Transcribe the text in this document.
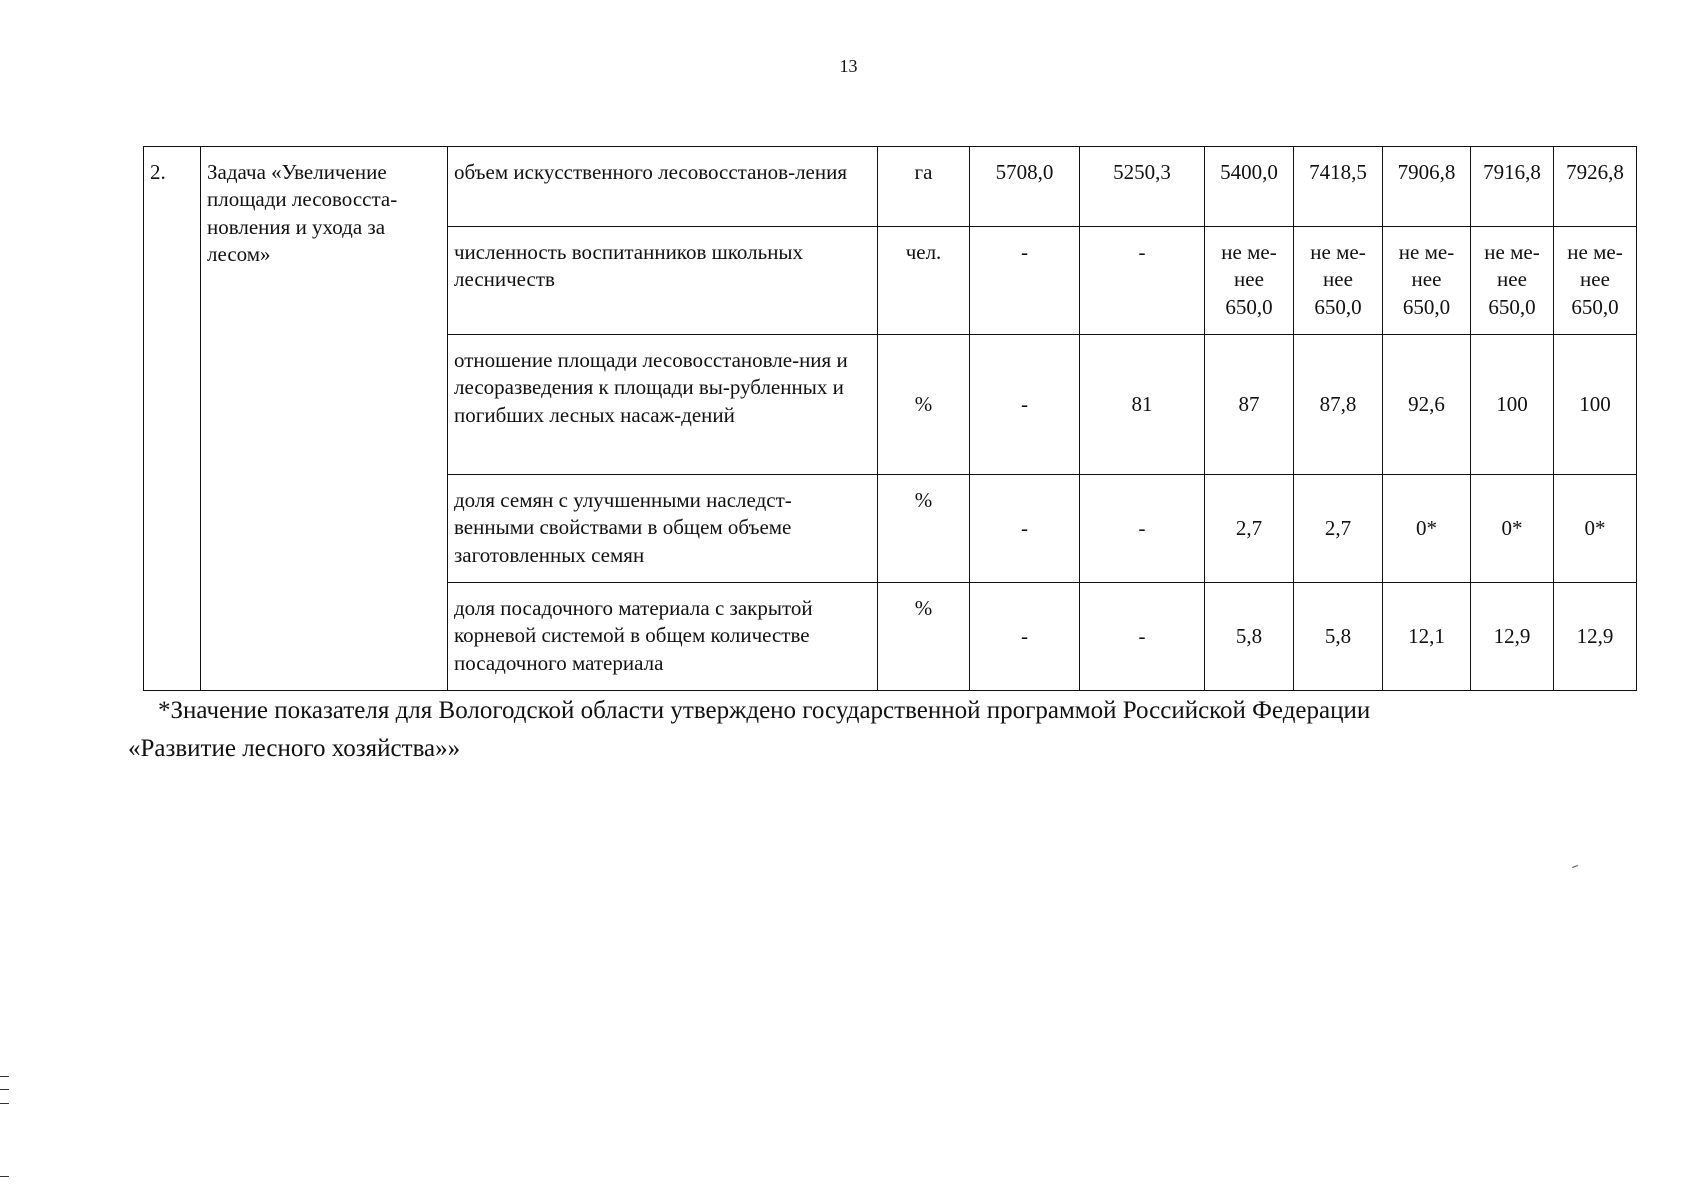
13
2.	Задача «Увеличение площади лесовосста-новления и ухода за лесом»	объем искусственного лесовосстанов-ления	га	5708,0	5250,3	5400,0	7418,5	7906,8	7916,8	7926,8
		численность воспитанников школьных лесничеств	чел.	-	-	не ме-нее 650,0	не ме-нее 650,0	не ме-нее 650,0	не ме-нее 650,0	не ме-нее 650,0
		отношение площади лесовосстановле-ния и лесоразведения к площади вы-рубленных и погибших лесных насаж-дений	%	-	81	87	87,8	92,6	100	100
		доля семян с улучшенными наследст-венными свойствами в общем объеме заготовленных семян	%	-	-	2,7	2,7	0*	0*	0*
		доля посадочного материала с закрытой корневой системой в общем количестве посадочного материала	%	-	-	5,8	5,8	12,1	12,9	12,9
*Значение показателя для Вологодской области утверждено государственной программой Российской Федерации
«Развитие лесного хозяйства»»
